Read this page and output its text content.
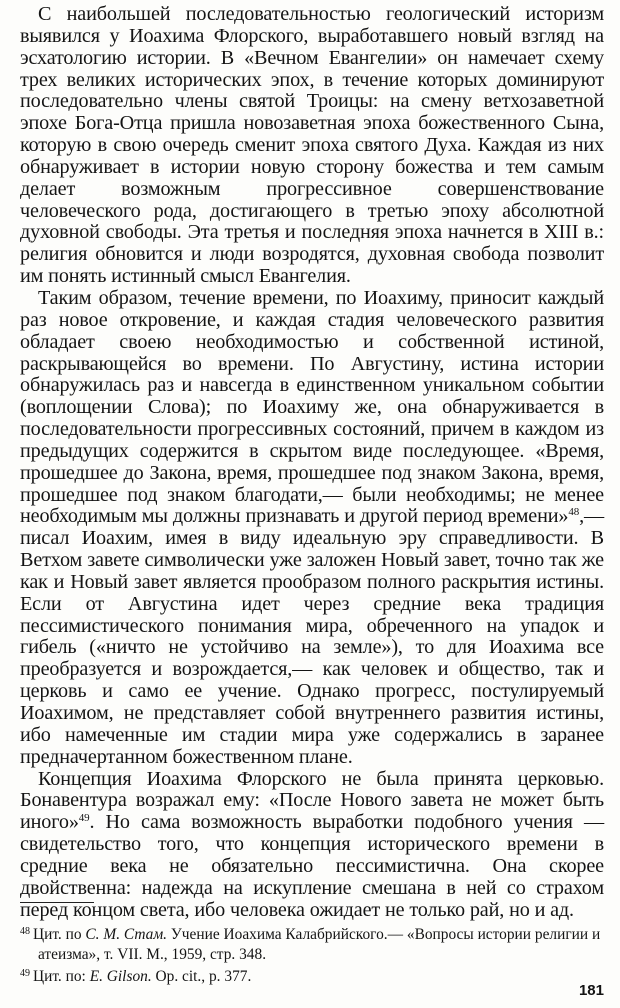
С наибольшей последовательностью геологический историзм выявился у Иоахима Флорского, выработавшего новый взгляд на эсхатологию истории. В «Вечном Евангелии» он намечает схему трех великих исторических эпох, в течение которых доминируют последовательно члены святой Троицы: на смену ветхозаветной эпохе Бога-Отца пришла новозаветная эпоха божественного Сына, которую в свою очередь сменит эпоха святого Духа. Каждая из них обнаруживает в истории новую сторону божества и тем самым делает возможным прогрессивное совершенствование человеческого рода, достигающего в третью эпоху абсолютной духовной свободы. Эта третья и последняя эпоха начнется в XIII в.: религия обновится и люди возродятся, духовная свобода позволит им понять истинный смысл Евангелия.

Таким образом, течение времени, по Иоахиму, приносит каждый раз новое откровение, и каждая стадия человеческого развития обладает своею необходимостью и собственной истиной, раскрывающейся во времени. По Августину, истина истории обнаружилась раз и навсегда в единственном уникальном событии (воплощении Слова); по Иоахиму же, она обнаруживается в последовательности прогрессивных состояний, причем в каждом из предыдущих содержится в скрытом виде последующее. «Время, прошедшее до Закона, время, прошедшее под знаком Закона, время, прошедшее под знаком благодати,— были необходимы; не менее необходимым мы должны признавать и другой период времени»$^{48}$,— писал Иоахим, имея в виду идеальную эру справедливости. В Ветхом завете символически уже заложен Новый завет, точно так же как и Новый завет является прообразом полного раскрытия истины. Если от Августина идет через средние века традиция пессимистического понимания мира, обреченного на упадок и гибель («ничто не устойчиво на земле»), то для Иоахима все преобразуется и возрождается,— как человек и общество, так и церковь и само ее учение. Однако прогресс, постулируемый Иоахимом, не представляет собой внутреннего развития истины, ибо намеченные им стадии мира уже содержались в заранее предначертанном божественном плане.

Концепция Иоахима Флорского не была принята церковью. Бонавентура возражал ему: «После Нового завета не может быть иного»$^{49}$. Но сама возможность выработки подобного учения — свидетельство того, что концепция исторического времени в средние века не обязательно пессимистична. Она скорее двойственна: надежда на искупление смешана в ней со страхом перед концом света, ибо человека ожидает не только рай, но и ад.

$^{48}$ Цит. по С. М. Стам. Учение Иоахима Калабрийского.— «Вопросы истории религии и атеизма», т. VII. М., 1959, стр. 348.

$^{49}$ Цит. по: E. Gilson. Op. cit., p. 377.

181
